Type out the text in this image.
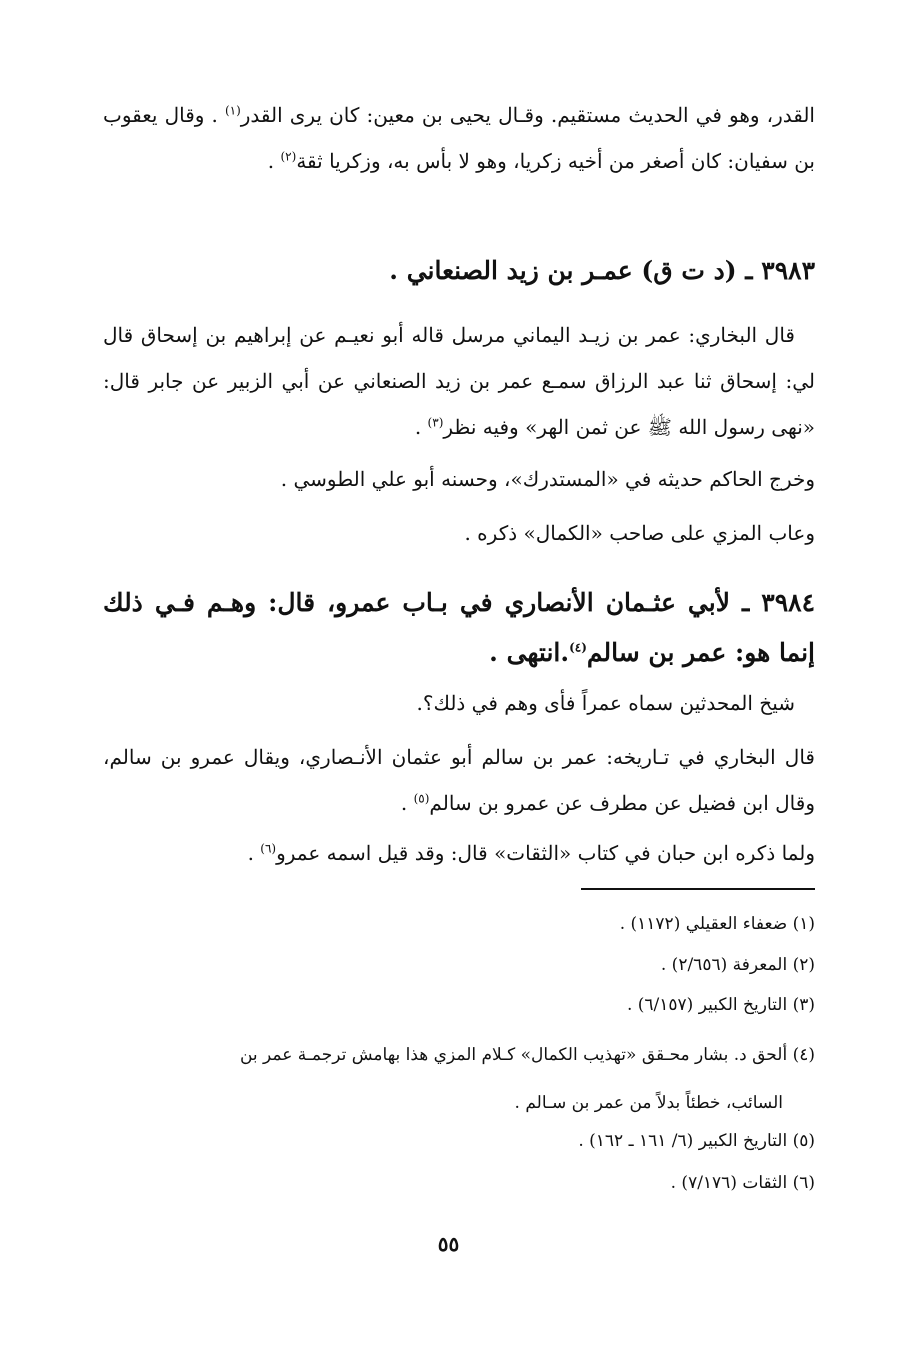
القدر، وهو في الحديث مستقيم. وقـال يحيى بن معين: كان يرى القدر$^{(١)}$ . وقال يعقوب بن سفيان: كان أصغر من أخيه زكريا، وهو لا بأس به، وزكريا ثقة$^{(٢)}$ .
٣٩٨٣ ـ (د ت ق) عمـر بن زيد الصنعاني .
قال البخاري: عمر بن زيـد اليماني مرسل قاله أبو نعيـم عن إبراهيم بن إسحاق قال لي: إسحاق ثنا عبد الرزاق سمـع عمر بن زيد الصنعاني عن أبي الزبير عن جابر قال: «نهى رسول الله ﷺ عن ثمن الهر» وفيه نظر$^{(٣)}$ .
وخرج الحاكم حديثه في «المستدرك»، وحسنه أبو علي الطوسي .
وعاب المزي على صاحب «الكمال» ذكره .
٣٩٨٤ ـ لأبي عثـمان الأنصاري في بـاب عمرو، قال: وهـم فـي ذلك إنما هو: عمر بن سالم$^{(٤)}$.انتهى .
شيخ المحدثين سماه عمراً فأى وهم في ذلك؟.
قال البخاري في تـاريخه: عمر بن سالم أبو عثمان الأنـصاري، ويقال عمرو بن سالم، وقال ابن فضيل عن مطرف عن عمرو بن سالم$^{(٥)}$ .
ولما ذكره ابن حبان في كتاب «الثقات» قال: وقد قيل اسمه عمرو$^{(٦)}$ .
(١) ضعفاء العقيلي (١١٧٢) .
(٢) المعرفة (٢/٦٥٦) .
(٣) التاريخ الكبير (٦/١٥٧) .
(٤) ألحق د. بشار محـقق «تهذيب الكمال» كـلام المزي هذا بهامش ترجمـة عمر بن
السائب، خطئاً بدلاً من عمر بن سـالم .
(٥) التاريخ الكبير (٦/ ١٦١ ـ ١٦٢) .
(٦) الثقات (٧/١٧٦) .
٥٥
